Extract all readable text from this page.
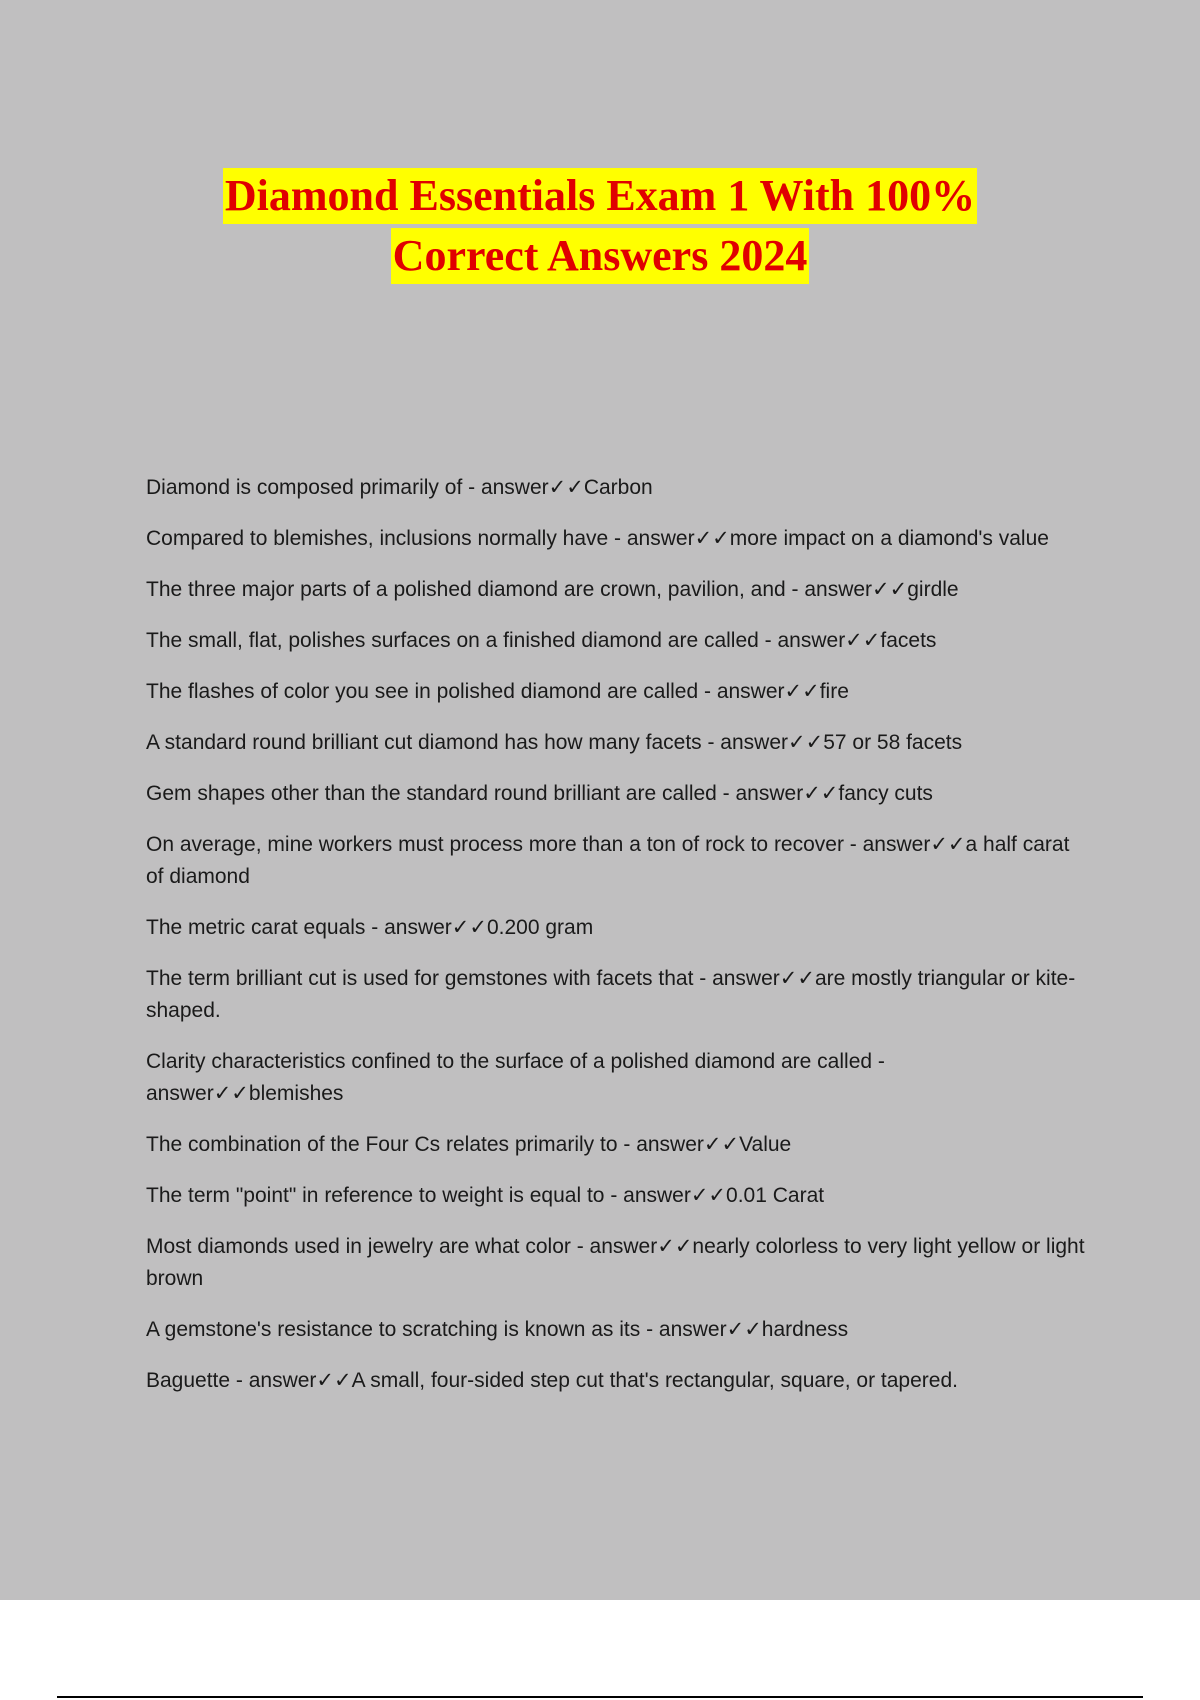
Diamond Essentials Exam 1 With 100%
Correct Answers 2024
Diamond is composed primarily of - answer✓✓Carbon
Compared to blemishes, inclusions normally have - answer✓✓more impact on a diamond's value
The three major parts of a polished diamond are crown, pavilion, and - answer✓✓girdle
The small, flat, polishes surfaces on a finished diamond are called - answer✓✓facets
The flashes of color you see in polished diamond are called - answer✓✓fire
A standard round brilliant cut diamond has how many facets - answer✓✓57 or 58 facets
Gem shapes other than the standard round brilliant are called - answer✓✓fancy cuts
On average, mine workers must process more than a ton of rock to recover - answer✓✓a half carat of diamond
The metric carat equals - answer✓✓0.200 gram
The term brilliant cut is used for gemstones with facets that - answer✓✓are mostly triangular or kite- shaped.
Clarity characteristics confined to the surface of a polished diamond are called - answer✓✓blemishes
The combination of the Four Cs relates primarily to - answer✓✓Value
The term "point" in reference to weight is equal to - answer✓✓0.01 Carat
Most diamonds used in jewelry are what color - answer✓✓nearly colorless to very light yellow or light brown
A gemstone's resistance to scratching is known as its - answer✓✓hardness
Baguette - answer✓✓A small, four-sided step cut that's rectangular, square, or tapered.
